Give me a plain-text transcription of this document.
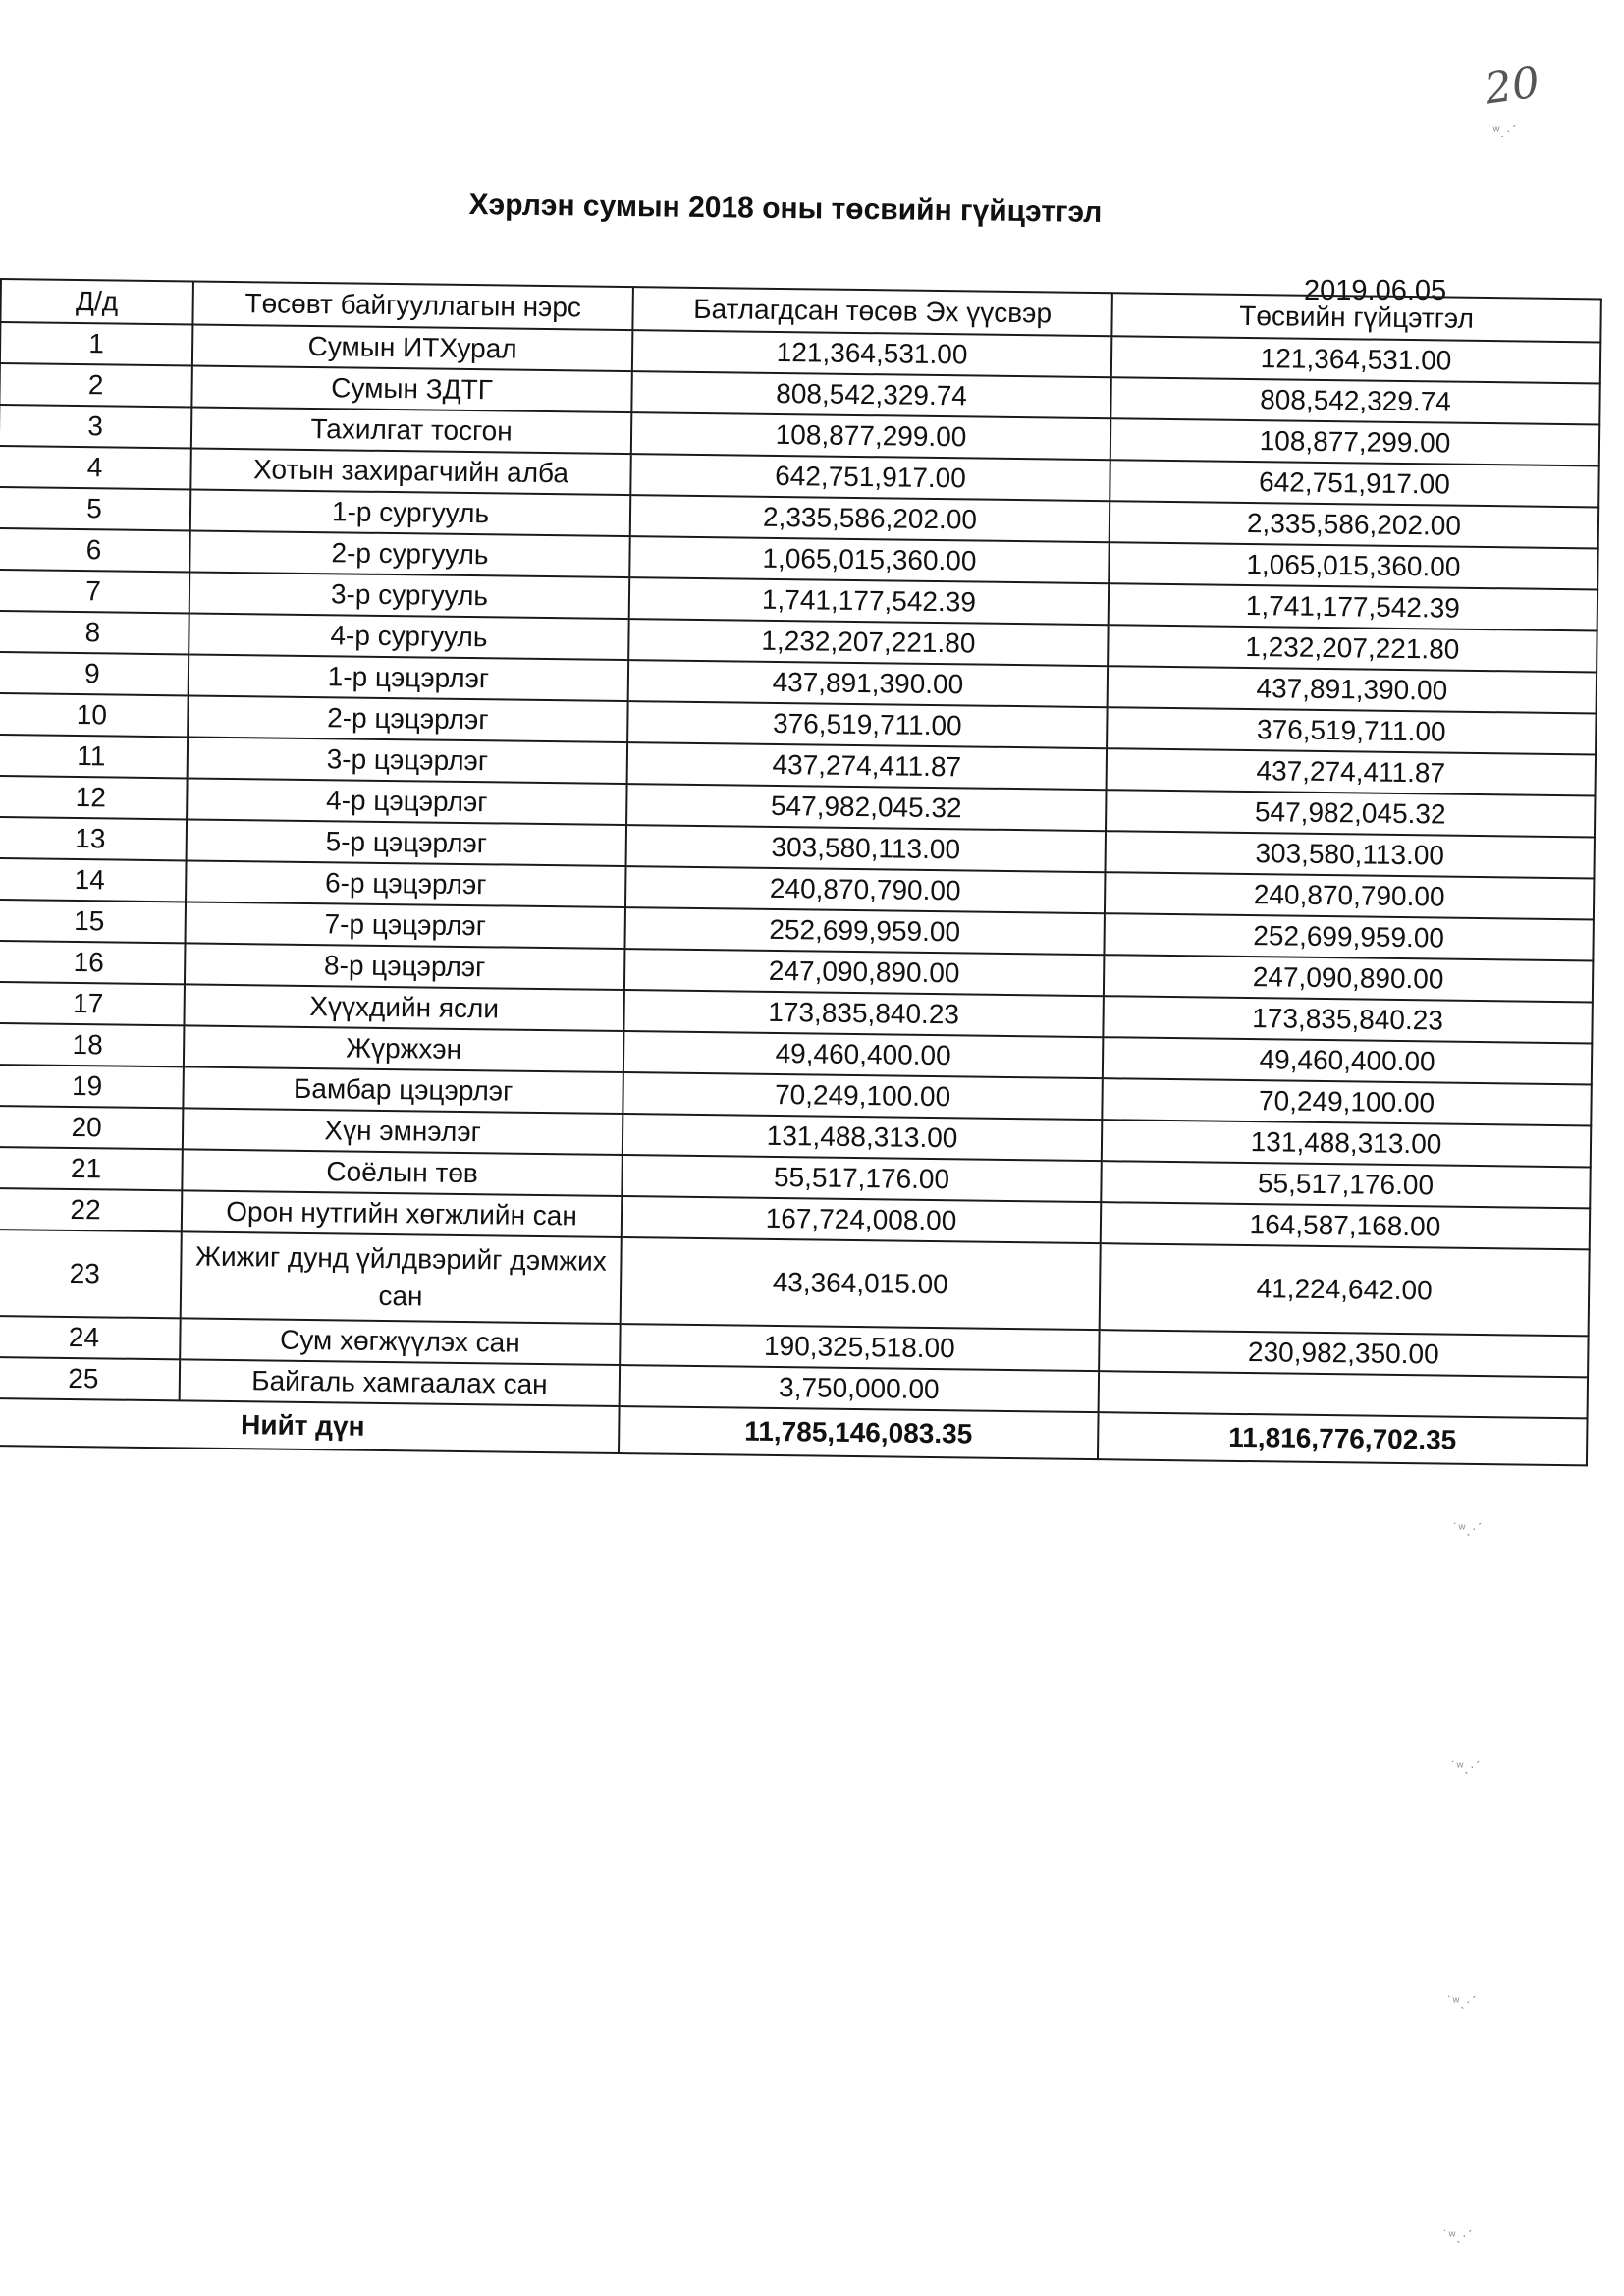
20
˙ʷˎ·ˊ
˙ʷˎ·ˊ
˙ʷˎ·ˊ
˙ʷˎ·ˊ
˙ʷˎ·ˊ
Хэрлэн сумын 2018 оны төсвийн гүйцэтгэл
2019.06.05
Д/д	Төсөвт байгууллагын нэрс	Батлагдсан төсөв Эх үүсвэр	Төсвийн гүйцэтгэл
1	Сумын ИТХурал	121,364,531.00	121,364,531.00
2	Сумын ЗДТГ	808,542,329.74	808,542,329.74
3	Тахилгат тосгон	108,877,299.00	108,877,299.00
4	Хотын захирагчийн алба	642,751,917.00	642,751,917.00
5	1-р сургууль	2,335,586,202.00	2,335,586,202.00
6	2-р сургууль	1,065,015,360.00	1,065,015,360.00
7	3-р сургууль	1,741,177,542.39	1,741,177,542.39
8	4-р сургууль	1,232,207,221.80	1,232,207,221.80
9	1-р цэцэрлэг	437,891,390.00	437,891,390.00
10	2-р цэцэрлэг	376,519,711.00	376,519,711.00
11	3-р цэцэрлэг	437,274,411.87	437,274,411.87
12	4-р цэцэрлэг	547,982,045.32	547,982,045.32
13	5-р цэцэрлэг	303,580,113.00	303,580,113.00
14	6-р цэцэрлэг	240,870,790.00	240,870,790.00
15	7-р цэцэрлэг	252,699,959.00	252,699,959.00
16	8-р цэцэрлэг	247,090,890.00	247,090,890.00
17	Хүүхдийн ясли	173,835,840.23	173,835,840.23
18	Жүржхэн	49,460,400.00	49,460,400.00
19	Бамбар цэцэрлэг	70,249,100.00	70,249,100.00
20	Хүн эмнэлэг	131,488,313.00	131,488,313.00
21	Соёлын төв	55,517,176.00	55,517,176.00
22	Орон нутгийн хөгжлийн сан	167,724,008.00	164,587,168.00
23	Жижиг дунд үйлдвэрийг дэмжих сан	43,364,015.00	41,224,642.00
24	Сум хөгжүүлэх сан	190,325,518.00	230,982,350.00
25	Байгаль хамгаалах сан	3,750,000.00	
Нийт дүн		11,785,146,083.35	11,816,776,702.35
